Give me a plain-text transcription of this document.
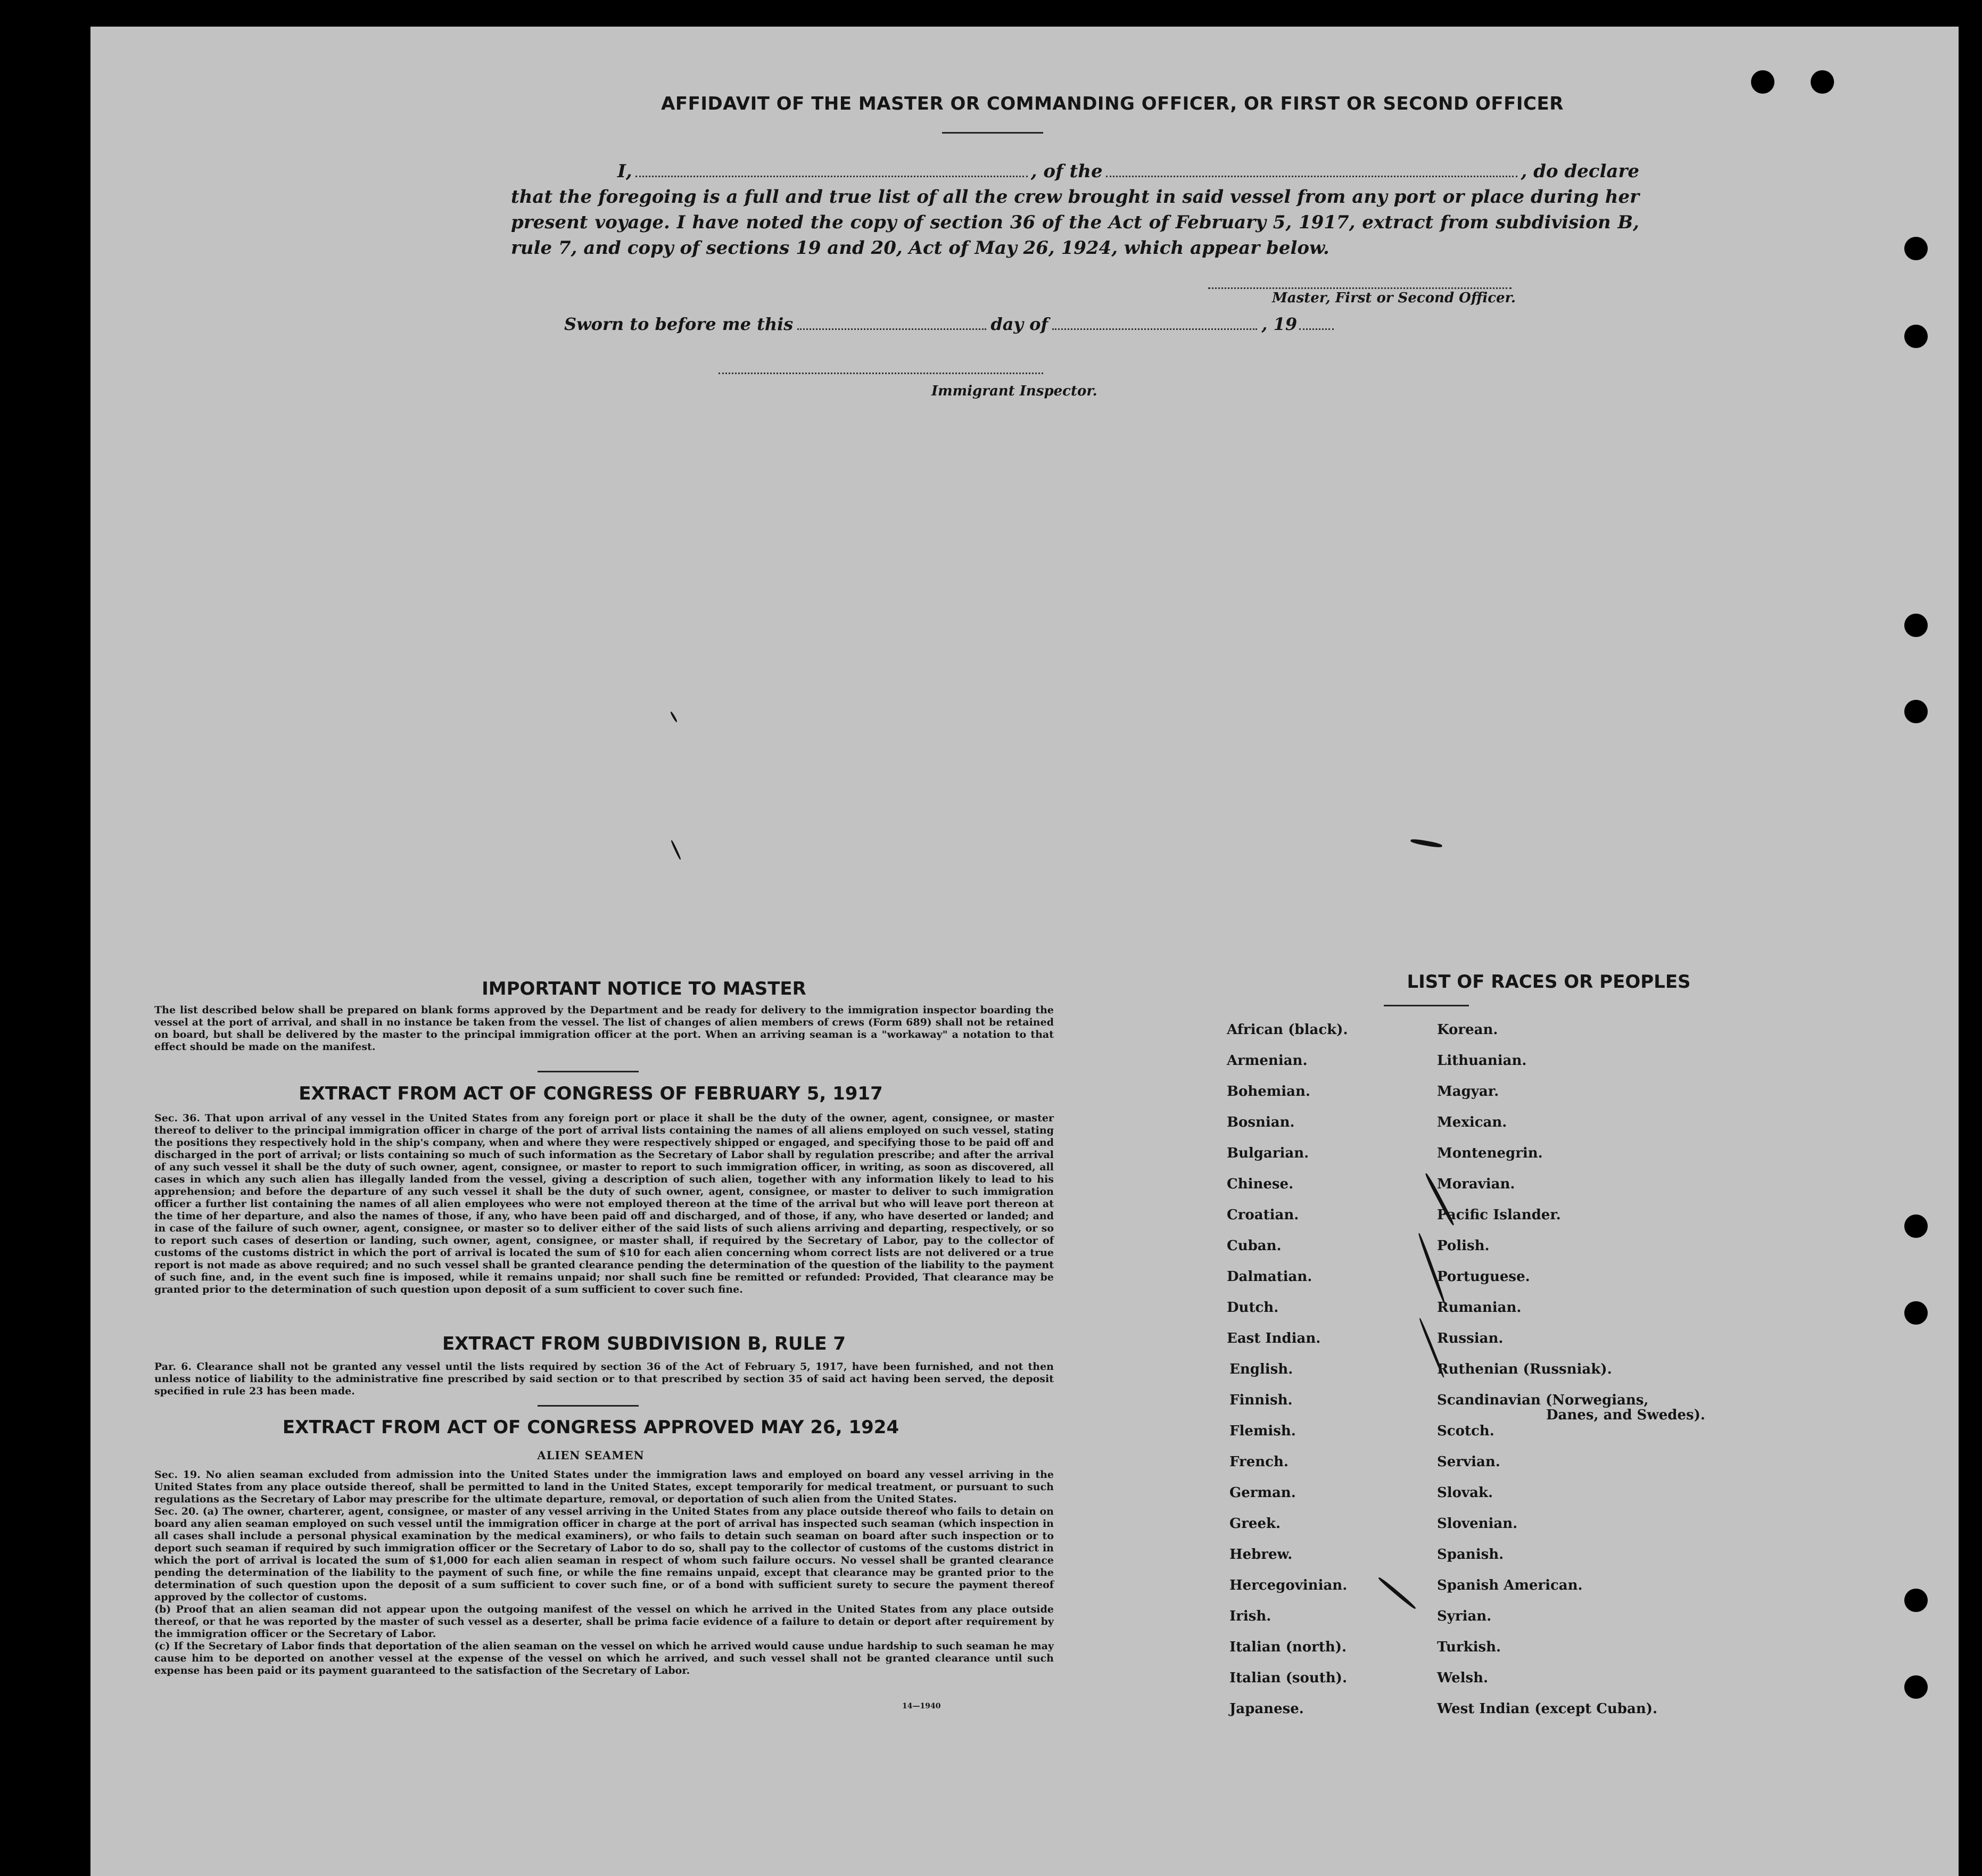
AFFIDAVIT OF THE MASTER OR COMMANDING OFFICER, OR FIRST OR SECOND OFFICER
I,	, of the	, do declare
that the foregoing is a full and true list of all the crew brought in said vessel from any port or place during her present voyage. I have noted the copy of section 36 of the Act of February 5, 1917, extract from subdivision B, rule 7, and copy of sections 19 and 20, Act of May 26, 1924, which appear below.
Master, First or Second Officer.
Sworn to before me this	day of	, 19
Immigrant Inspector.
IMPORTANT NOTICE TO MASTER
The list described below shall be prepared on blank forms approved by the Department and be ready for delivery to the immigration inspector boarding the vessel at the port of arrival, and shall in no instance be taken from the vessel. The list of changes of alien members of crews (Form 689) shall not be retained on board, but shall be delivered by the master to the principal immigration officer at the port. When an arriving seaman is a "workaway" a notation to that effect should be made on the manifest.
EXTRACT FROM ACT OF CONGRESS OF FEBRUARY 5, 1917
Sec. 36. That upon arrival of any vessel in the United States from any foreign port or place it shall be the duty of the owner, agent, consignee, or master thereof to deliver to the principal immigration officer in charge of the port of arrival lists containing the names of all aliens employed on such vessel, stating the positions they respectively hold in the ship's company, when and where they were respectively shipped or engaged, and specifying those to be paid off and discharged in the port of arrival; or lists containing so much of such information as the Secretary of Labor shall by regulation prescribe; and after the arrival of any such vessel it shall be the duty of such owner, agent, consignee, or master to report to such immigration officer, in writing, as soon as discovered, all cases in which any such alien has illegally landed from the vessel, giving a description of such alien, together with any information likely to lead to his apprehension; and before the departure of any such vessel it shall be the duty of such owner, agent, consignee, or master to deliver to such immigration officer a further list containing the names of all alien employees who were not employed thereon at the time of the arrival but who will leave port thereon at the time of her departure, and also the names of those, if any, who have been paid off and discharged, and of those, if any, who have deserted or landed; and in case of the failure of such owner, agent, consignee, or master so to deliver either of the said lists of such aliens arriving and departing, respectively, or so to report such cases of desertion or landing, such owner, agent, consignee, or master shall, if required by the Secretary of Labor, pay to the collector of customs of the customs district in which the port of arrival is located the sum of $10 for each alien concerning whom correct lists are not delivered or a true report is not made as above required; and no such vessel shall be granted clearance pending the determination of the question of the liability to the payment of such fine, and, in the event such fine is imposed, while it remains unpaid; nor shall such fine be remitted or refunded: Provided, That clearance may be granted prior to the determination of such question upon deposit of a sum sufficient to cover such fine.
EXTRACT FROM SUBDIVISION B, RULE 7
Par. 6. Clearance shall not be granted any vessel until the lists required by section 36 of the Act of February 5, 1917, have been furnished, and not then unless notice of liability to the administrative fine prescribed by said section or to that prescribed by section 35 of said act having been served, the deposit specified in rule 23 has been made.
EXTRACT FROM ACT OF CONGRESS APPROVED MAY 26, 1924
ALIEN SEAMEN
Sec. 19. No alien seaman excluded from admission into the United States under the immigration laws and employed on board any vessel arriving in the United States from any place outside thereof, shall be permitted to land in the United States, except temporarily for medical treatment, or pursuant to such regulations as the Secretary of Labor may prescribe for the ultimate departure, removal, or deportation of such alien from the United States.
Sec. 20. (a) The owner, charterer, agent, consignee, or master of any vessel arriving in the United States from any place outside thereof who fails to detain on board any alien seaman employed on such vessel until the immigration officer in charge at the port of arrival has inspected such seaman (which inspection in all cases shall include a personal physical examination by the medical examiners), or who fails to detain such seaman on board after such inspection or to deport such seaman if required by such immigration officer or the Secretary of Labor to do so, shall pay to the collector of customs of the customs district in which the port of arrival is located the sum of $1,000 for each alien seaman in respect of whom such failure occurs. No vessel shall be granted clearance pending the determination of the liability to the payment of such fine, or while the fine remains unpaid, except that clearance may be granted prior to the determination of such question upon the deposit of a sum sufficient to cover such fine, or of a bond with sufficient surety to secure the payment thereof approved by the collector of customs.
(b) Proof that an alien seaman did not appear upon the outgoing manifest of the vessel on which he arrived in the United States from any place outside thereof, or that he was reported by the master of such vessel as a deserter, shall be prima facie evidence of a failure to detain or deport after requirement by the immigration officer or the Secretary of Labor.
(c) If the Secretary of Labor finds that deportation of the alien seaman on the vessel on which he arrived would cause undue hardship to such seaman he may cause him to be deported on another vessel at the expense of the vessel on which he arrived, and such vessel shall not be granted clearance until such expense has been paid or its payment guaranteed to the satisfaction of the Secretary of Labor.
14—1940
LIST OF RACES OR PEOPLES
African (black).
Armenian.
Bohemian.
Bosnian.
Bulgarian.
Chinese.
Croatian.
Cuban.
Dalmatian.
Dutch.
East Indian.
English.
Finnish.
Flemish.
French.
German.
Greek.
Hebrew.
Hercegovinian.
Irish.
Italian (north).
Italian (south).
Japanese.
Korean.
Lithuanian.
Magyar.
Mexican.
Montenegrin.
Moravian.
Pacific Islander.
Polish.
Portuguese.
Rumanian.
Russian.
Ruthenian (Russniak).
Scandinavian (Norwegians,
Danes, and Swedes).
Scotch.
Servian.
Slovak.
Slovenian.
Spanish.
Spanish American.
Syrian.
Turkish.
Welsh.
West Indian (except Cuban).
